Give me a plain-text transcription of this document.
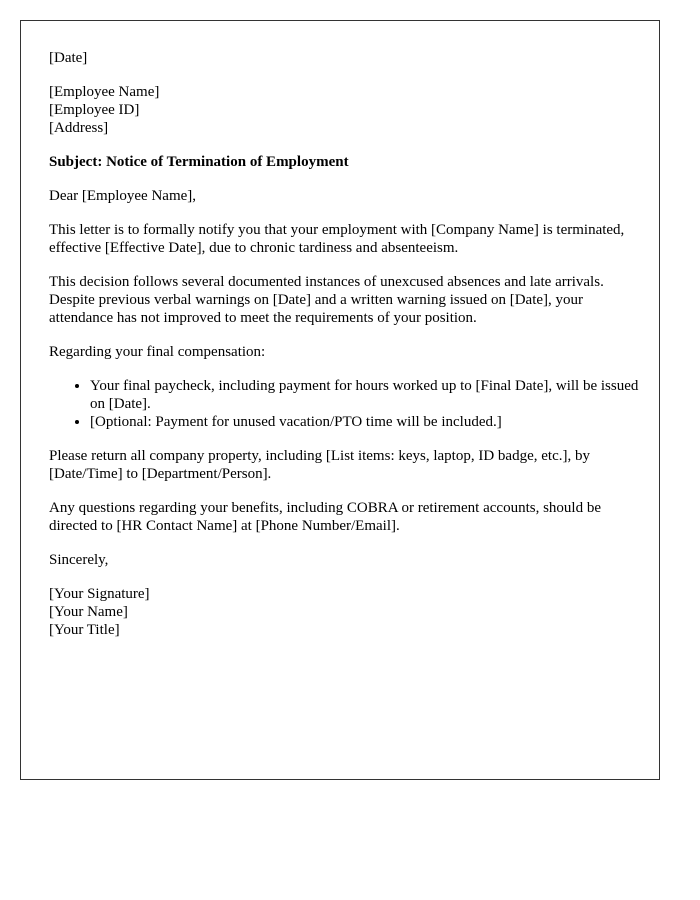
[Date]

[Employee Name]
[Employee ID]
[Address]

Subject: Notice of Termination of Employment

Dear [Employee Name],

This letter is to formally notify you that your employment with [Company Name] is terminated, effective [Effective Date], due to chronic tardiness and absenteeism.

This decision follows several documented instances of unexcused absences and late arrivals. Despite previous verbal warnings on [Date] and a written warning issued on [Date], your attendance has not improved to meet the requirements of your position.

Regarding your final compensation:

• Your final paycheck, including payment for hours worked up to [Final Date], will be issued on [Date].
• [Optional: Payment for unused vacation/PTO time will be included.]

Please return all company property, including [List items: keys, laptop, ID badge, etc.], by [Date/Time] to [Department/Person].

Any questions regarding your benefits, including COBRA or retirement accounts, should be directed to [HR Contact Name] at [Phone Number/Email].

Sincerely,

[Your Signature]
[Your Name]
[Your Title]
